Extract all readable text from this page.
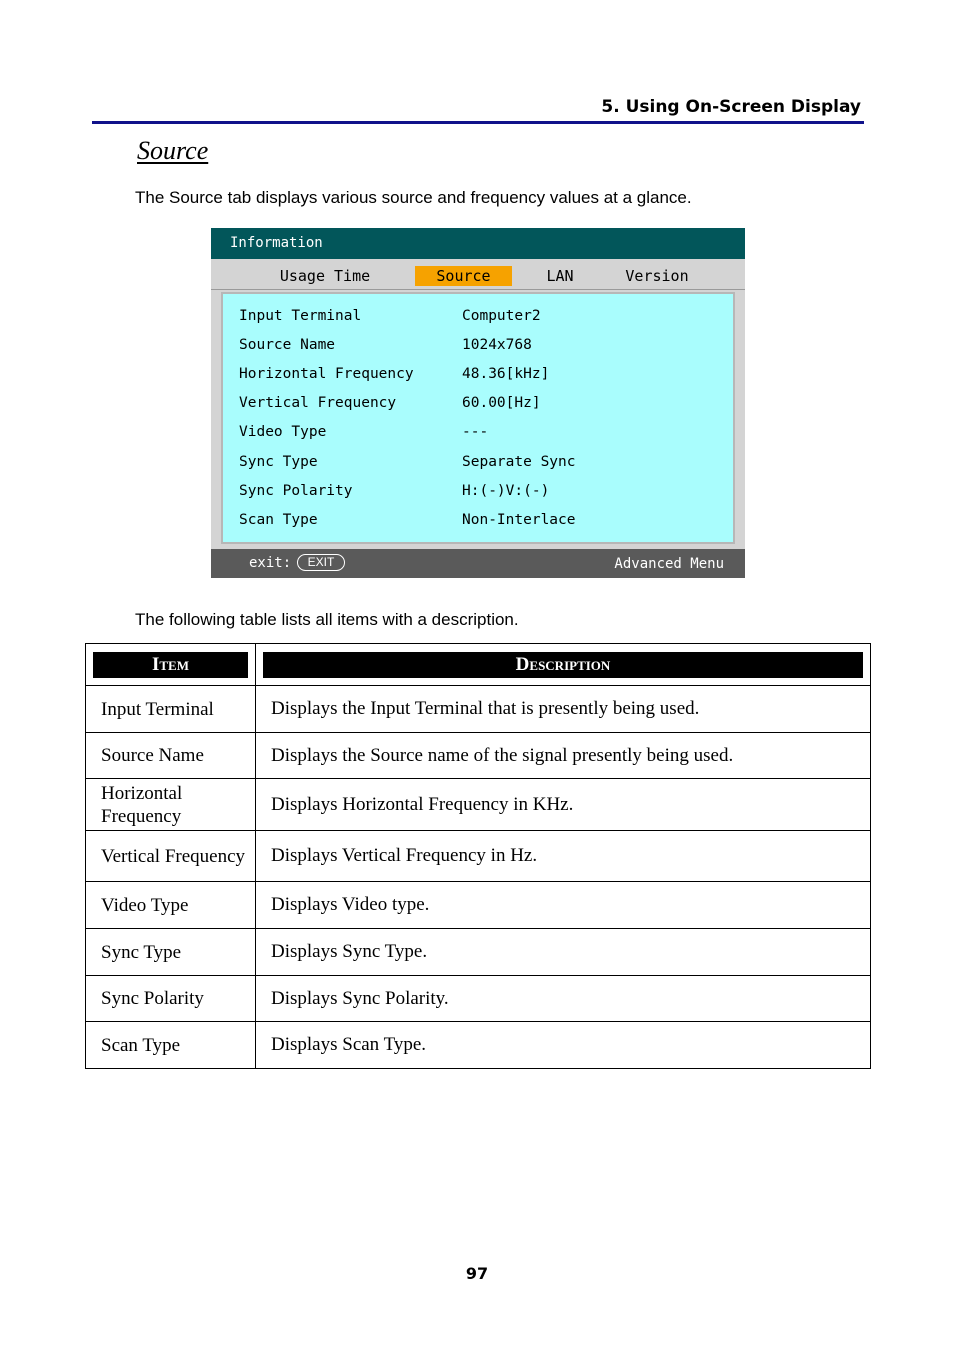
5. Using On-Screen Display
Source
The Source tab displays various source and frequency values at a glance.
Information
Usage Time	Source	LAN	Version
Input Terminal	Computer2
Source Name	1024x768
Horizontal Frequency	48.36[kHz]
Vertical Frequency	60.00[Hz]
Video Type	---
Sync Type	Separate Sync
Sync Polarity	H:(-)V:(-)
Scan Type	Non-Interlace
exit:	EXIT	Advanced Menu
The following table lists all items with a description.
Item	Description

Input Terminal	Displays the Input Terminal that is presently being used.
Source Name	Displays the Source name of the signal presently being used.
Horizontal Frequency	Displays Horizontal Frequency in KHz.
Vertical Frequency	Displays Vertical Frequency in Hz.
Video Type	Displays Video type.
Sync Type	Displays Sync Type.
Sync Polarity	Displays Sync Polarity.
Scan Type	Displays Scan Type.
97
